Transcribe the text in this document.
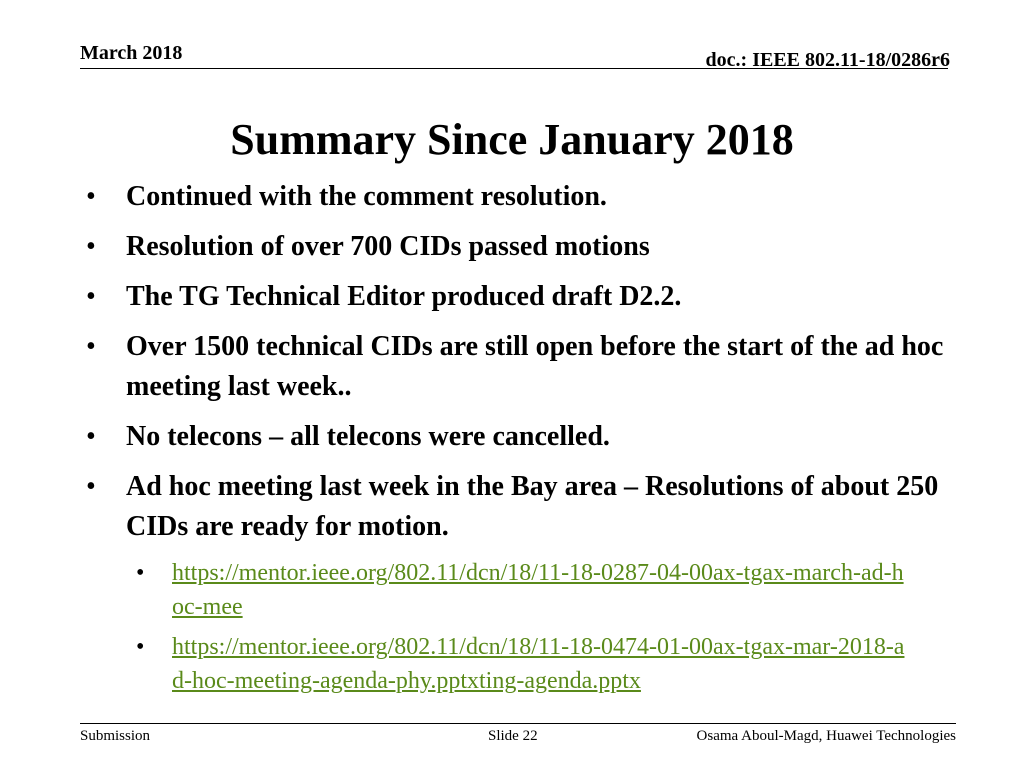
March 2018	doc.: IEEE 802.11-18/0286r6
Summary Since January 2018
• Continued with the comment resolution.
• Resolution of over 700 CIDs passed motions
• The TG Technical Editor produced draft D2.2.
• Over 1500 technical CIDs are still open before the start of the ad hoc meeting last week..
• No telecons – all telecons were cancelled.
• Ad hoc meeting last week in the Bay area – Resolutions of about 250 CIDs are ready for motion.
• https://mentor.ieee.org/802.11/dcn/18/11-18-0287-04-00ax-tgax-march-ad-hoc-mee
• https://mentor.ieee.org/802.11/dcn/18/11-18-0474-01-00ax-tgax-mar-2018-ad-hoc-meeting-agenda-phy.pptxting-agenda.pptx
Submission	Slide 22	Osama Aboul-Magd, Huawei Technologies
